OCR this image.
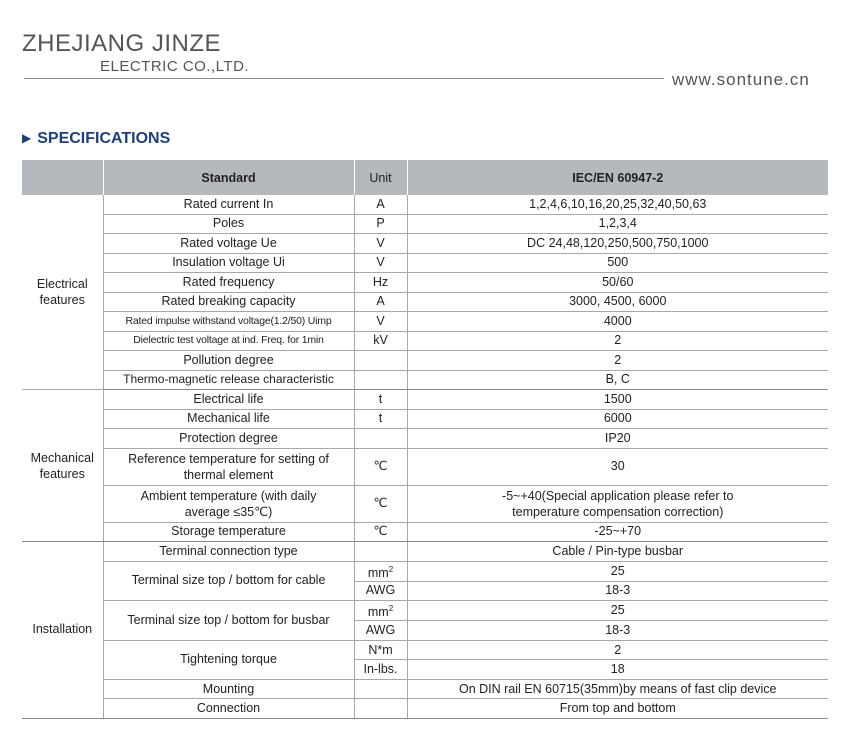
ZHEJIANG JINZE
ELECTRIC CO.,LTD.
www.sontune.cn
▶ SPECIFICATIONS
	Standard	Unit	IEC/EN 60947-2
Electrical features	Rated current In	A	1,2,4,6,10,16,20,25,32,40,50,63
	Poles	P	1,2,3,4
	Rated voltage Ue	V	DC 24,48,120,250,500,750,1000
	Insulation voltage Ui	V	500
	Rated frequency	Hz	50/60
	Rated breaking capacity	A	3000, 4500, 6000
	Rated impulse withstand voltage(1.2/50) Uimp	V	4000
	Dielectric test voltage at ind. Freq. for 1min	kV	2
	Pollution degree		2
	Thermo-magnetic release characteristic		B, C
Mechanical features	Electrical life	t	1500
	Mechanical life	t	6000
	Protection degree		IP20
	Reference temperature for setting of thermal element	℃	30
	Ambient temperature (with daily average ≤35℃)	℃	-5~+40(Special application please refer to temperature compensation correction)
	Storage temperature	℃	-25~+70
Installation	Terminal connection type		Cable / Pin-type busbar
	Terminal size top / bottom for cable	$mm^2$	25
		AWG	18-3
	Terminal size top / bottom for busbar	$mm^2$	25
		AWG	18-3
	Tightening torque	N*m	2
		In-lbs.	18
	Mounting		On DIN rail EN 60715(35mm)by means of fast clip device
	Connection		From top and bottom
